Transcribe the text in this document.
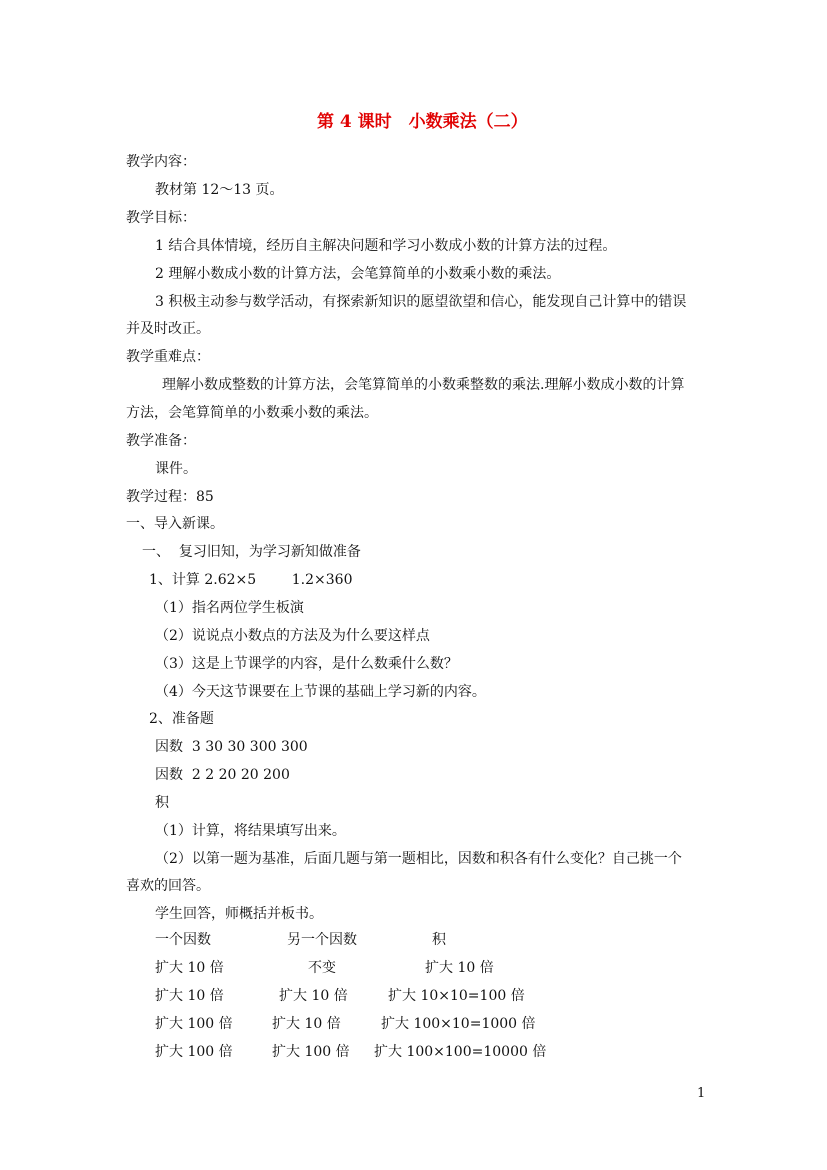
第 4 课时　小数乘法（二）
教学内容：
教材第 12～13 页。
教学目标：
1 结合具体情境，经历自主解决问题和学习小数成小数的计算方法的过程。
2 理解小数成小数的计算方法，会笔算简单的小数乘小数的乘法。
3 积极主动参与数学活动，有探索新知识的愿望欲望和信心，能发现自己计算中的错误
并及时改正。
教学重难点：
理解小数成整数的计算方法，会笔算简单的小数乘整数的乘法.理解小数成小数的计算
方法，会笔算简单的小数乘小数的乘法。
教学准备：
课件。
教学过程：85
一、导入新课。
一、  复习旧知，为学习新知做准备
1、计算 2.62×5        1.2×360
（1）指名两位学生板演
（2）说说点小数点的方法及为什么要这样点
（3）这是上节课学的内容，是什么数乘什么数？
（4）今天这节课要在上节课的基础上学习新的内容。
2、准备题
因数  3 30 30 300 300
因数  2 2 20 20 200
积
（1）计算，将结果填写出来。
（2）以第一题为基准，后面几题与第一题相比，因数和积各有什么变化？自己挑一个
喜欢的回答。
学生回答，师概括并板书。
一个因数	另一个因数	积
扩大 10 倍	不变	扩大 10 倍
扩大 10 倍	扩大 10 倍	扩大 10×10=100 倍
扩大 100 倍	扩大 10 倍	扩大 100×10=1000 倍
扩大 100 倍	扩大 100 倍 扩大 100×100=10000 倍
1
